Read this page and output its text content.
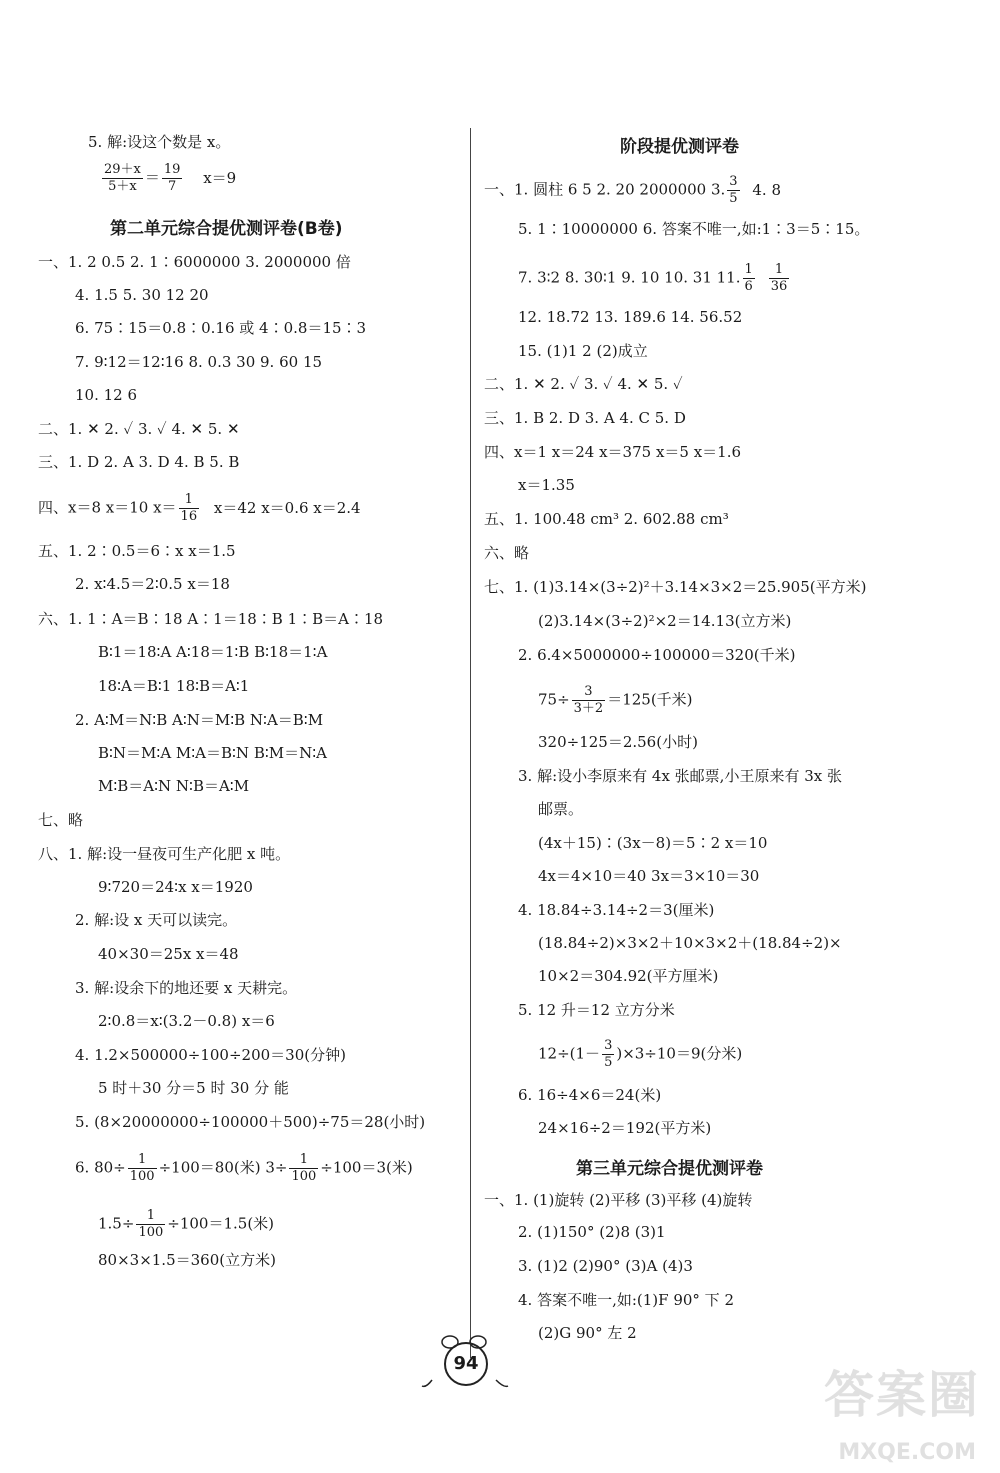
5. 解:设这个数是 x。
$\frac{29+x}{5+x} = \frac{19}{7} x=9$
第二单元综合提优测评卷(B卷)
一、1. 2 0.5 2. 1∶6000000 3. 2000000 倍
4. 1.5 5. 30 12 20
6. 75∶15＝0.8∶0.16 或 4∶0.8＝15∶3
7. 9∶12＝12∶16 8. 0.3 30 9. 60 15
10. 12 6
二、1. ✕ 2. ✓ 3. ✓ 4. ✕ 5. ✕
三、1. D 2. A 3. D 4. B 5. B
四、x＝8 x＝10 $x= \frac{1}{16} x=42$ x＝0.6 x＝2.4
五、1. 2∶0.5＝6∶x x＝1.5
2. x∶4.5＝2∶0.5 x＝18
六、1. 1∶A＝B∶18 A∶1＝18∶B 1∶B＝A∶18
B∶1＝18∶A A∶18＝1∶B B∶18＝1∶A
18∶A＝B∶1 18∶B＝A∶1
2. A∶M＝N∶B A∶N＝M∶B N∶A＝B∶M
B∶N＝M∶A M∶A＝B∶N B∶M＝N∶A
M∶B＝A∶N N∶B＝A∶M
七、略
八、1. 解:设一昼夜可生产化肥 x 吨。
9∶720＝24∶x x＝1920
2. 解:设 x 天可以读完。
40×30＝25x x＝48
3. 解:设余下的地还要 x 天耕完。
2∶0.8＝x∶(3.2－0.8) x＝6
4. 1.2×500000÷100÷200＝30(分钟)
5 时＋30 分＝5 时 30 分 能
5. (8×20000000÷100000＋500)÷75＝28(小时)
6. $80\div \frac{1}{100} \div 100=80$(米) $3\div \frac{1}{100} \div 100=3$(米)
$1.5\div \frac{1}{100} \div 100=1.5$(米)
80×3×1.5＝360(立方米)
阶段提优测评卷
一、1. 圆柱 6 5 2. 20 2000000 3. $\frac{3}{5} 4$. 8
5. 1∶10000000 6. 答案不唯一,如:1∶3＝5∶15。
7. 3∶2 8. 30∶1 9. 10 10. 31 11. $\frac{1}{6} \frac{1}{36}$
12. 18.72 13. 189.6 14. 56.52
15. (1)1 2 (2)成立
二、1. ✕ 2. ✓ 3. ✓ 4. ✕ 5. ✓
三、1. B 2. D 3. A 4. C 5. D
四、x＝1 x＝24 x＝375 x＝5 x＝1.6
x＝1.35
五、1. 100.48 cm³ 2. 602.88 cm³
六、略
七、1. (1)3.14×(3÷2)²＋3.14×3×2＝25.905(平方米)
(2)3.14×(3÷2)²×2＝14.13(立方米)
2. 6.4×5000000÷100000＝320(千米)
$75\div \frac{3}{3+2} =125$(千米)
320÷125＝2.56(小时)
3. 解:设小李原来有 4x 张邮票,小王原来有 3x 张
邮票。
(4x＋15)∶(3x－8)＝5∶2 x＝10
4x＝4×10＝40 3x＝3×10＝30
4. 18.84÷3.14÷2＝3(厘米)
(18.84÷2)×3×2＋10×3×2＋(18.84÷2)×
10×2＝304.92(平方厘米)
5. 12 升＝12 立方分米
$12\div(1- \frac{3}{5} )\times 3\div 10=9$(分米)
6. 16÷4×6＝24(米)
24×16÷2＝192(平方米)
第三单元综合提优测评卷
一、1. (1)旋转 (2)平移 (3)平移 (4)旋转
2. (1)150° (2)8 (3)1
3. (1)2 (2)90° (3)A (4)3
4. 答案不唯一,如:(1)F 90° 下 2
(2)G 90° 左 2
94
答案圈
MXQE.COM
